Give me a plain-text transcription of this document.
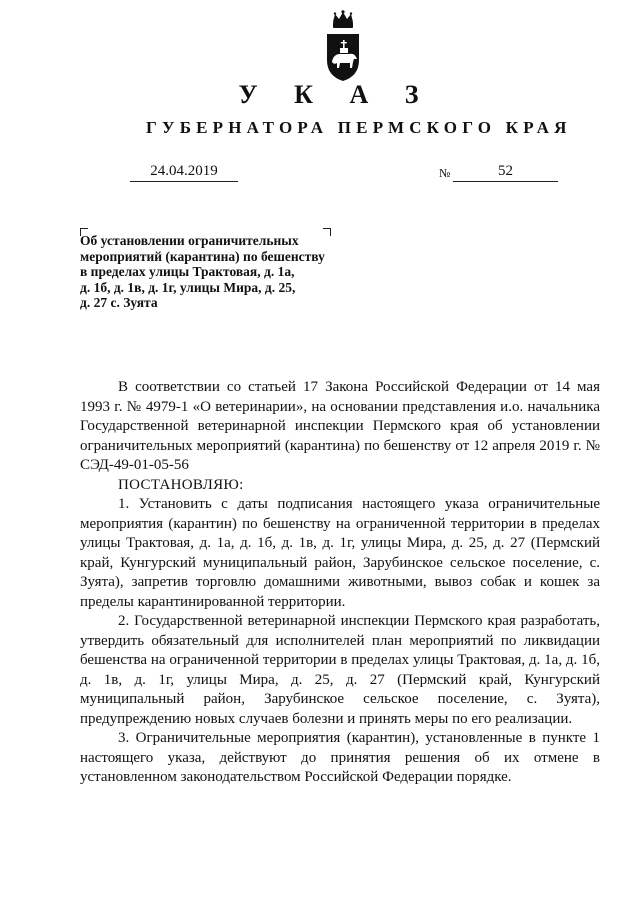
У К А З
ГУБЕРНАТОРА ПЕРМСКОГО КРАЯ
24.04.2019	№	52
Об установлении ограничительных
мероприятий (карантина) по бешенству
в пределах улицы Трактовая, д. 1а,
д. 1б, д. 1в, д. 1г, улицы Мира, д. 25,
д. 27 с. Зуята

В соответствии со статьей 17 Закона Российской Федерации от 14 мая 1993 г. № 4979-1 «О ветеринарии», на основании представления и.о. начальника Государственной ветеринарной инспекции Пермского края об установлении ограничительных мероприятий (карантина) по бешенству от 12 апреля 2019 г. № СЭД-49-01-05-56

ПОСТАНОВЛЯЮ:

1. Установить с даты подписания настоящего указа ограничительные мероприятия (карантин) по бешенству на ограниченной территории в пределах улицы Трактовая, д. 1а, д. 1б, д. 1в, д. 1г, улицы Мира, д. 25, д. 27 (Пермский край, Кунгурский муниципальный район, Зарубинское сельское поселение, с. Зуята), запретив торговлю домашними животными, вывоз собак и кошек за пределы карантинированной территории.

2. Государственной ветеринарной инспекции Пермского края разработать, утвердить обязательный для исполнителей план мероприятий по ликвидации бешенства на ограниченной территории в пределах улицы Трактовая, д. 1а, д. 1б, д. 1в, д. 1г, улицы Мира, д. 25, д. 27 (Пермский край, Кунгурский муниципальный район, Зарубинское сельское поселение, с. Зуята), предупреждению новых случаев болезни и принять меры по его реализации.

3. Ограничительные мероприятия (карантин), установленные в пункте 1 настоящего указа, действуют до принятия решения об их отмене в установленном законодательством Российской Федерации порядке.
